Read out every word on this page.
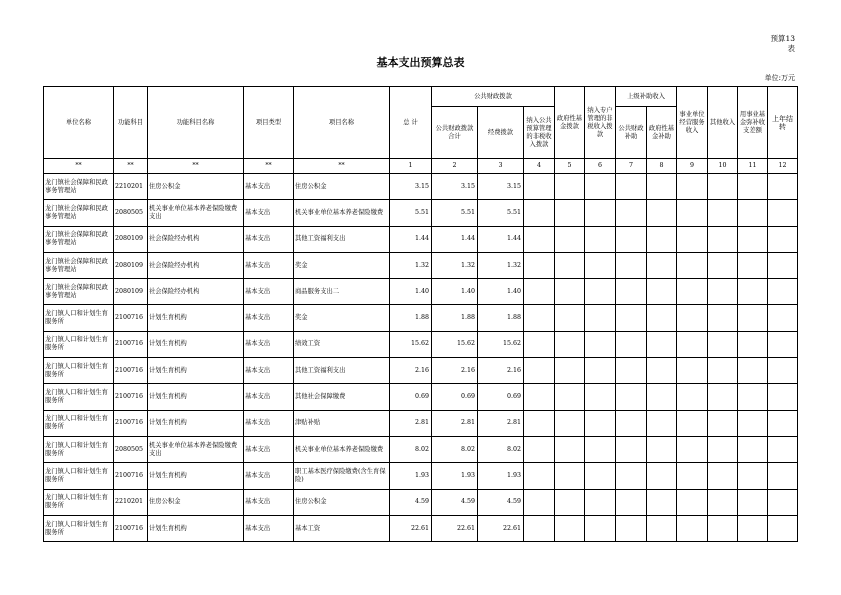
预算13
表
基本支出预算总表
单位:万元
单位名称	功能科目	功能科目名称	项目类型	项目名称	总 计	公共财政拨款			政府性基金拨款	纳入专户管理的非税收入拨款	上级补助收入		事业单位经营服务收入	其他收入	用事业基金弥补收支差额	上年结转
						公共财政拨款合计	经费拨款	纳入公共预算管理的非税收入拨款			公共财政补助	政府性基金补助				

**	**	**	**	**	1	2	3	4	5	6	7	8	9	10	11	12
龙门镇社会保障和民政事务管理站	2210201	住房公积金	基本支出	住房公积金	3.15	3.15	3.15									
龙门镇社会保障和民政事务管理站	2080505	机关事业单位基本养老保险缴费支出	基本支出	机关事业单位基本养老保险缴费	5.51	5.51	5.51									
龙门镇社会保障和民政事务管理站	2080109	社会保险经办机构	基本支出	其他工资福利支出	1.44	1.44	1.44									
龙门镇社会保障和民政事务管理站	2080109	社会保险经办机构	基本支出	奖金	1.32	1.32	1.32									
龙门镇社会保障和民政事务管理站	2080109	社会保险经办机构	基本支出	商品服务支出二	1.40	1.40	1.40									
龙门镇人口和计划生育服务所	2100716	计划生育机构	基本支出	奖金	1.88	1.88	1.88									
龙门镇人口和计划生育服务所	2100716	计划生育机构	基本支出	绩效工资	15.62	15.62	15.62									
龙门镇人口和计划生育服务所	2100716	计划生育机构	基本支出	其他工资福利支出	2.16	2.16	2.16									
龙门镇人口和计划生育服务所	2100716	计划生育机构	基本支出	其他社会保障缴费	0.69	0.69	0.69									
龙门镇人口和计划生育服务所	2100716	计划生育机构	基本支出	津贴补贴	2.81	2.81	2.81									
龙门镇人口和计划生育服务所	2080505	机关事业单位基本养老保险缴费支出	基本支出	机关事业单位基本养老保险缴费	8.02	8.02	8.02									
龙门镇人口和计划生育服务所	2100716	计划生育机构	基本支出	职工基本医疗保险缴费(含生育保险)	1.93	1.93	1.93									
龙门镇人口和计划生育服务所	2210201	住房公积金	基本支出	住房公积金	4.59	4.59	4.59									
龙门镇人口和计划生育服务所	2100716	计划生育机构	基本支出	基本工资	22.61	22.61	22.61									
